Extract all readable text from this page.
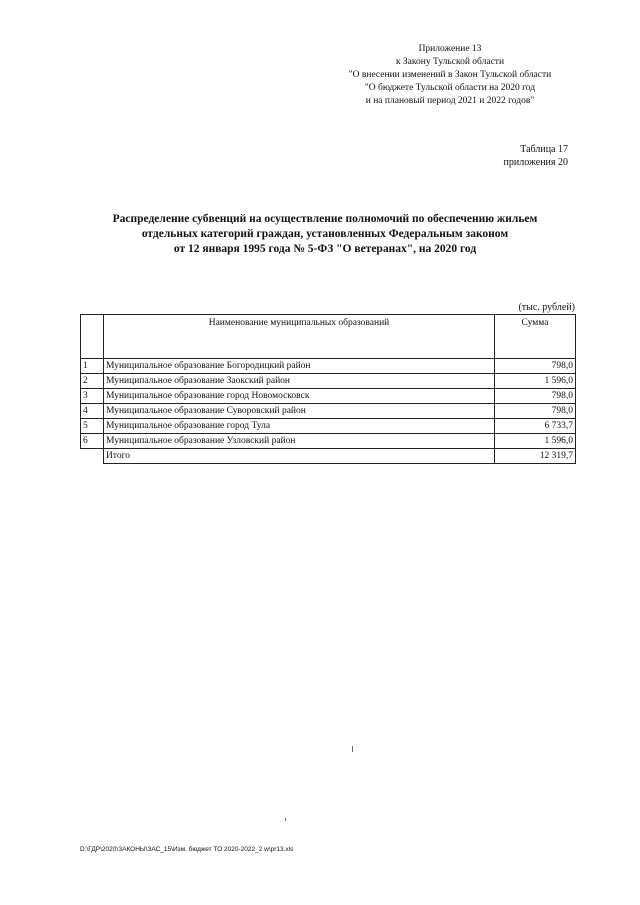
Приложение 13
к Закону Тульской области
"О внесении изменений в Закон Тульской области
"О бюджете Тульской области на 2020 год
и на плановый период 2021 и 2022 годов"
Таблица 17
приложения 20
Распределение субвенций на осуществление полномочий по обеспечению жильем
отдельных категорий граждан, установленных Федеральным законом
от 12 января 1995 года № 5-ФЗ "О ветеранах", на 2020 год
(тыс. рублей)
	Наименование муниципальных образований	Сумма
1	Муниципальное образование Богородицкий район	798,0
2	Муниципальное образование Заокский район	1 596,0
3	Муниципальное образование город Новомосковск	798,0
4	Муниципальное образование Суворовский район	798,0
5	Муниципальное образование город Тула	6 733,7
6	Муниципальное образование Узловский район	1 596,0
	Итого	12 319,7
D:\ГДР\2020\ЗАКОНЫ\ЗАС_15\Изм. бюджет ТО 2020-2022_2 w\pr13.xls
